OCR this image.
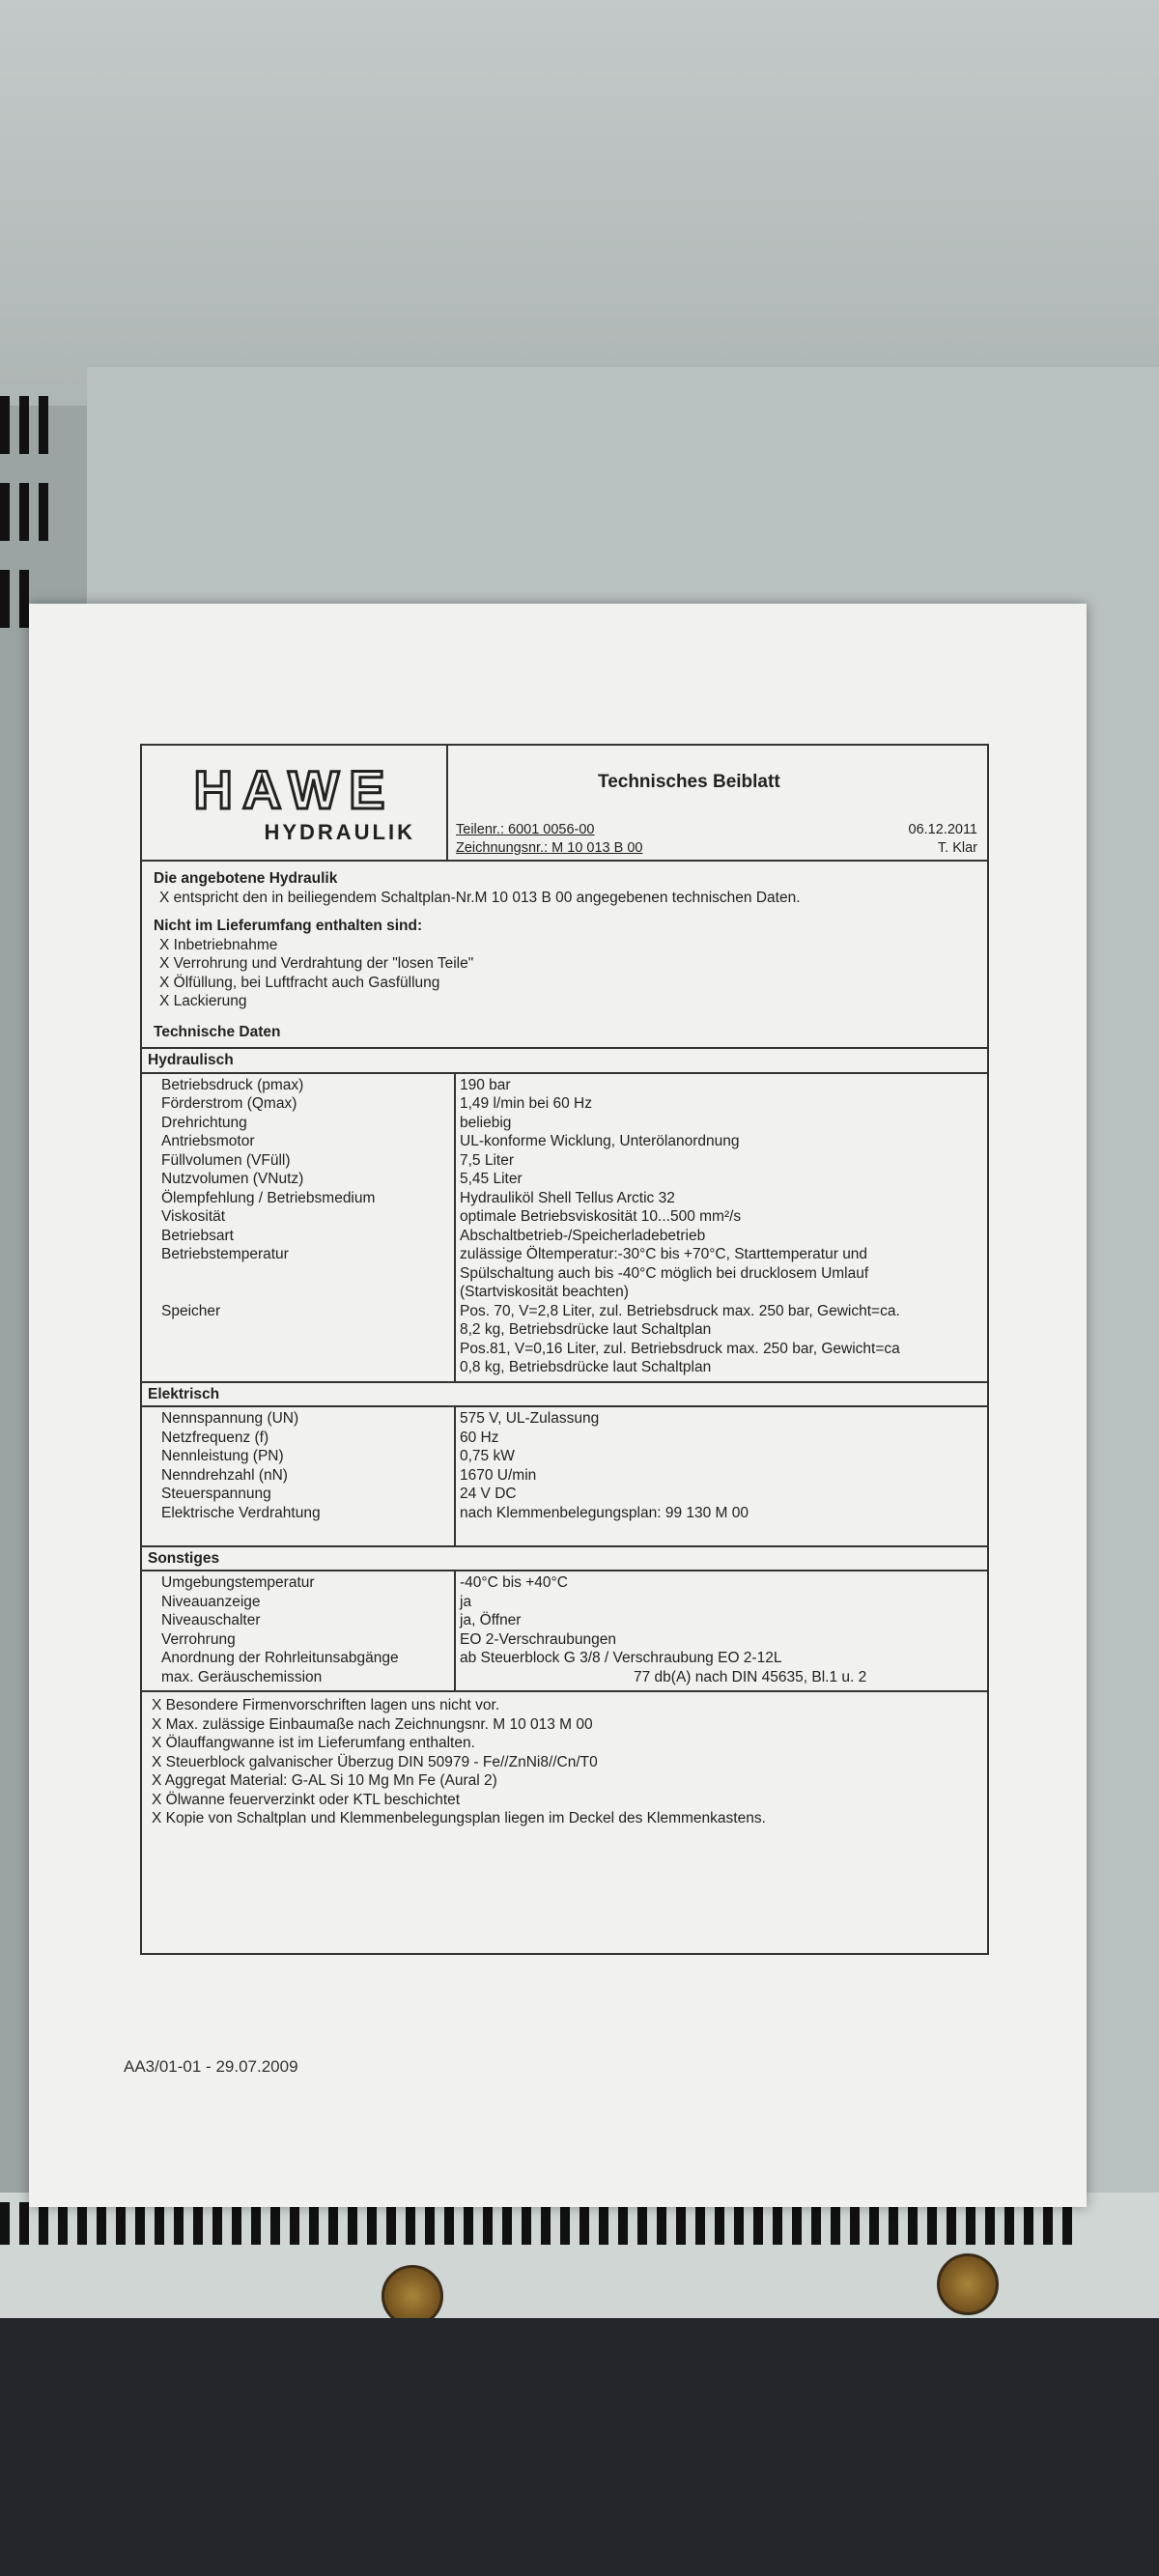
HAWE
HYDRAULIK
Technisches Beiblatt
Teilenr.: 6001 0056-00	06.12.2011
Zeichnungsnr.: M 10 013 B 00	T. Klar
Die angebotene Hydraulik
X entspricht den in beiliegendem Schaltplan-Nr.M 10 013 B 00 angegebenen technischen Daten.
Nicht im Lieferumfang enthalten sind:
X Inbetriebnahme
X Verrohrung und Verdrahtung der "losen Teile"
X Ölfüllung, bei Luftfracht auch Gasfüllung
X Lackierung
Technische Daten
Hydraulisch
Betriebsdruck (pmax)
Förderstrom (Qmax)
Drehrichtung
Antriebsmotor
Füllvolumen (VFüll)
Nutzvolumen (VNutz)
Ölempfehlung / Betriebsmedium
Viskosität
Betriebsart
Betriebstemperatur
Speicher
190 bar
1,49 l/min bei 60 Hz
beliebig
UL-konforme Wicklung, Unterölanordnung
7,5 Liter
5,45 Liter
Hydrauliköl Shell Tellus Arctic 32
optimale Betriebsviskosität 10...500 mm²/s
Abschaltbetrieb-/Speicherladebetrieb
zulässige Öltemperatur:-30°C bis +70°C, Starttemperatur und
Spülschaltung auch bis -40°C möglich bei drucklosem Umlauf
(Startviskosität beachten)
Pos. 70, V=2,8 Liter, zul. Betriebsdruck max. 250 bar, Gewicht=ca.
8,2 kg, Betriebsdrücke laut Schaltplan
Pos.81, V=0,16 Liter, zul. Betriebsdruck max. 250 bar, Gewicht=ca
0,8 kg, Betriebsdrücke laut Schaltplan
Elektrisch
Nennspannung (UN)
Netzfrequenz (f)
Nennleistung (PN)
Nenndrehzahl (nN)
Steuerspannung
Elektrische Verdrahtung
575 V, UL-Zulassung
60 Hz
0,75 kW
1670 U/min
24 V DC
nach Klemmenbelegungsplan: 99 130 M 00
Sonstiges
Umgebungstemperatur
Niveauanzeige
Niveauschalter
Verrohrung
Anordnung der Rohrleitunsabgänge
max. Geräuschemission
-40°C bis +40°C
ja
ja, Öffner
EO 2-Verschraubungen
ab Steuerblock G 3/8 / Verschraubung EO 2-12L
77 db(A) nach DIN 45635, Bl.1 u. 2
X Besondere Firmenvorschriften lagen uns nicht vor.
X Max. zulässige Einbaumaße nach Zeichnungsnr. M 10 013 M 00
X Ölauffangwanne ist im Lieferumfang enthalten.
X Steuerblock galvanischer Überzug DIN 50979 - Fe//ZnNi8//Cn/T0
X Aggregat Material: G-AL Si 10 Mg Mn Fe (Aural 2)
X Ölwanne feuerverzinkt oder KTL beschichtet
X Kopie von Schaltplan und Klemmenbelegungsplan liegen im Deckel des Klemmenkastens.
AA3/01-01 - 29.07.2009
